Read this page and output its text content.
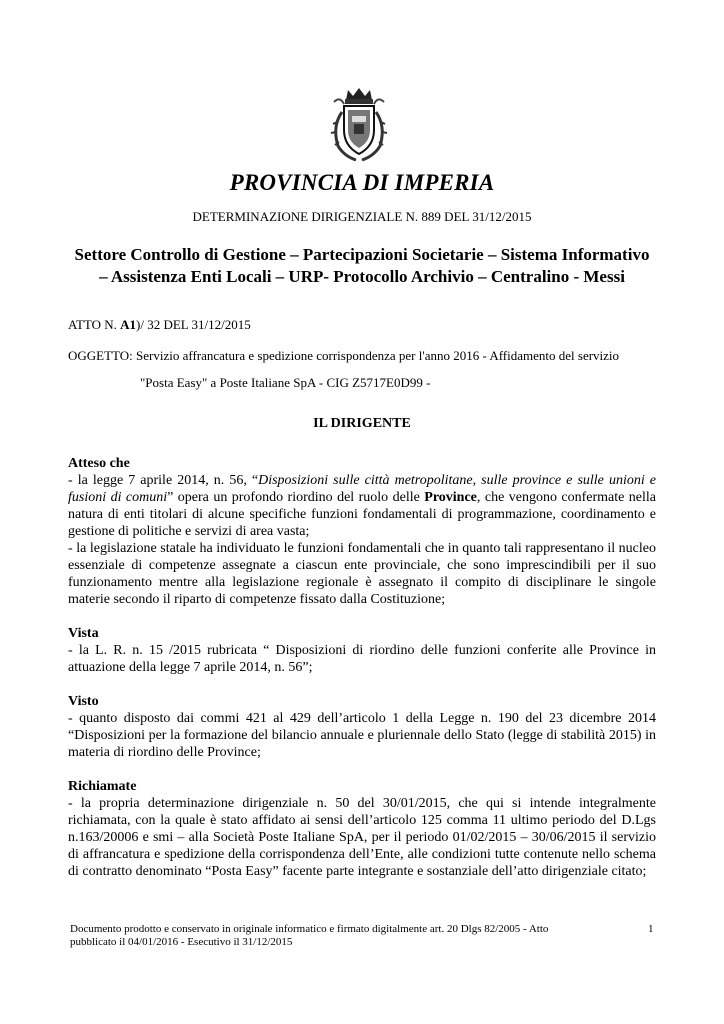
PROVINCIA DI IMPERIA
DETERMINAZIONE DIRIGENZIALE N. 889 DEL 31/12/2015
Settore Controllo di Gestione – Partecipazioni Societarie – Sistema Informativo
– Assistenza Enti Locali – URP- Protocollo Archivio – Centralino - Messi
ATTO N. A1)/ 32 DEL 31/12/2015
OGGETTO: Servizio affrancatura e spedizione corrispondenza per l'anno 2016 - Affidamento del servizio
"Posta Easy" a Poste Italiane SpA - CIG Z5717E0D99 -
IL DIRIGENTE

Atteso che

- la legge 7 aprile 2014, n. 56, “Disposizioni sulle città metropolitane, sulle province e sulle unioni e fusioni di comuni” opera un profondo riordino del ruolo delle Province, che vengono confermate nella natura di enti titolari di alcune specifiche funzioni fondamentali di programmazione, coordinamento e gestione di politiche e servizi di area vasta;

- la legislazione statale ha individuato le funzioni fondamentali che in quanto tali rappresentano il nucleo essenziale di competenze assegnate a ciascun ente provinciale, che sono imprescindibili per il suo funzionamento mentre alla legislazione regionale è assegnato il compito di disciplinare le singole materie secondo il riparto di competenze fissato dalla Costituzione;

Vista

- la L. R. n. 15 /2015 rubricata “ Disposizioni di riordino delle funzioni conferite alle Province in attuazione della legge 7 aprile 2014, n. 56”;

Visto

- quanto disposto dai commi 421 al 429 dell’articolo 1 della Legge n. 190 del 23 dicembre 2014 “Disposizioni per la formazione del bilancio annuale e pluriennale dello Stato (legge di stabilità 2015) in materia di riordino delle Province;

Richiamate

- la propria determinazione dirigenziale n. 50 del 30/01/2015, che qui si intende integralmente richiamata, con la quale è stato affidato ai sensi dell’articolo 125 comma 11 ultimo periodo del D.Lgs n.163/20006 e smi – alla Società Poste Italiane SpA, per il periodo 01/02/2015 – 30/06/2015 il servizio di affrancatura e spedizione della corrispondenza dell’Ente, alle condizioni tutte contenute nello schema di contratto denominato “Posta Easy” facente parte integrante e sostanziale dell’atto dirigenziale citato;

Documento prodotto e conservato in originale informatico e firmato digitalmente art. 20 Dlgs 82/2005 - Atto
pubblicato il 04/01/2016 - Esecutivo il 31/12/2015
1
